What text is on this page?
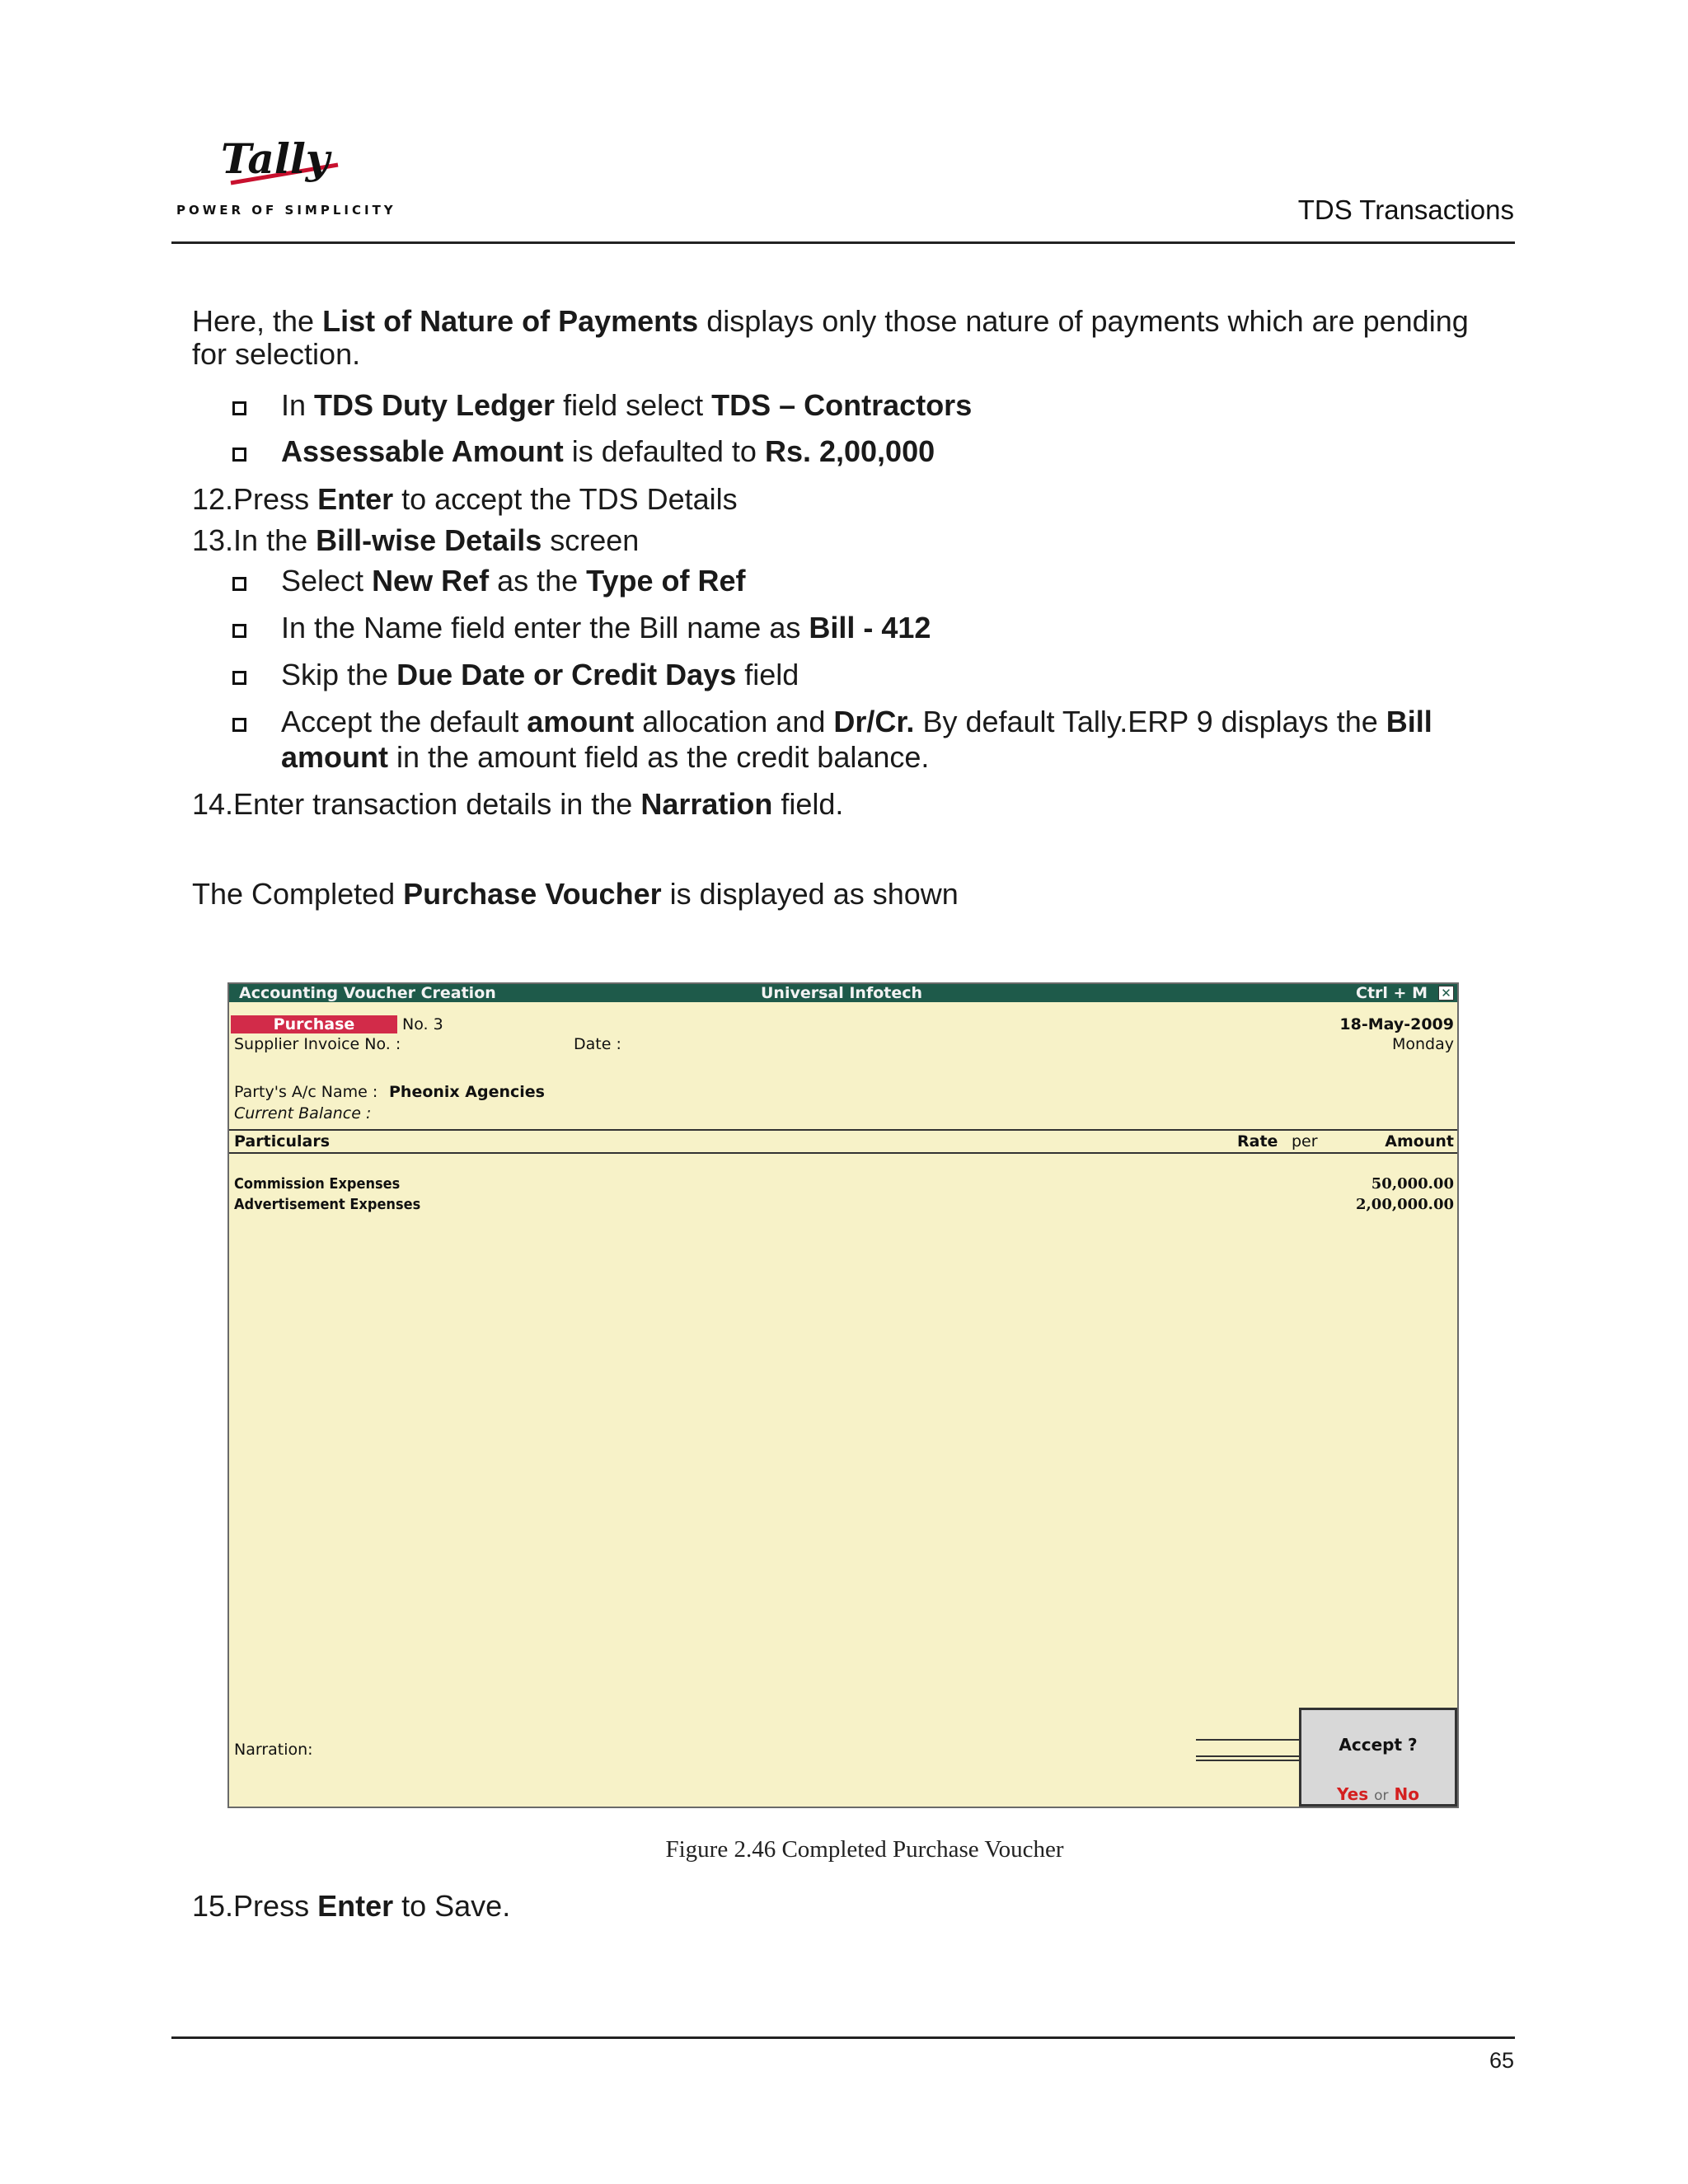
Tally
POWER OF SIMPLICITY	TDS Transactions
Here, the List of Nature of Payments displays only those nature of payments which are pending
for selection.
In TDS Duty Ledger field select TDS – Contractors
Assessable Amount is defaulted to Rs. 2,00,000
12.Press Enter to accept the TDS Details
13.In the Bill-wise Details screen
Select New Ref as the Type of Ref
In the Name field enter the Bill name as Bill - 412
Skip the Due Date or Credit Days field
Accept the default amount allocation and Dr/Cr. By default Tally.ERP 9 displays the Bill
amount in the amount field as the credit balance.
14.Enter transaction details in the Narration field.
The Completed Purchase Voucher is displayed as shown
Accounting Voucher Creation	Universal Infotech	Ctrl + M ✕
Purchase	No. 3	18-May-2009
Monday
Supplier Invoice No. :	Date :
Party's A/c Name : Pheonix Agencies
Current Balance :
Particulars	Rate per	Amount
Commission Expenses	50,000.00
Advertisement Expenses	2,00,000.00
Narration:	Accept ?
Yes or No
Figure 2.46 Completed Purchase Voucher
15.Press Enter to Save.
65
